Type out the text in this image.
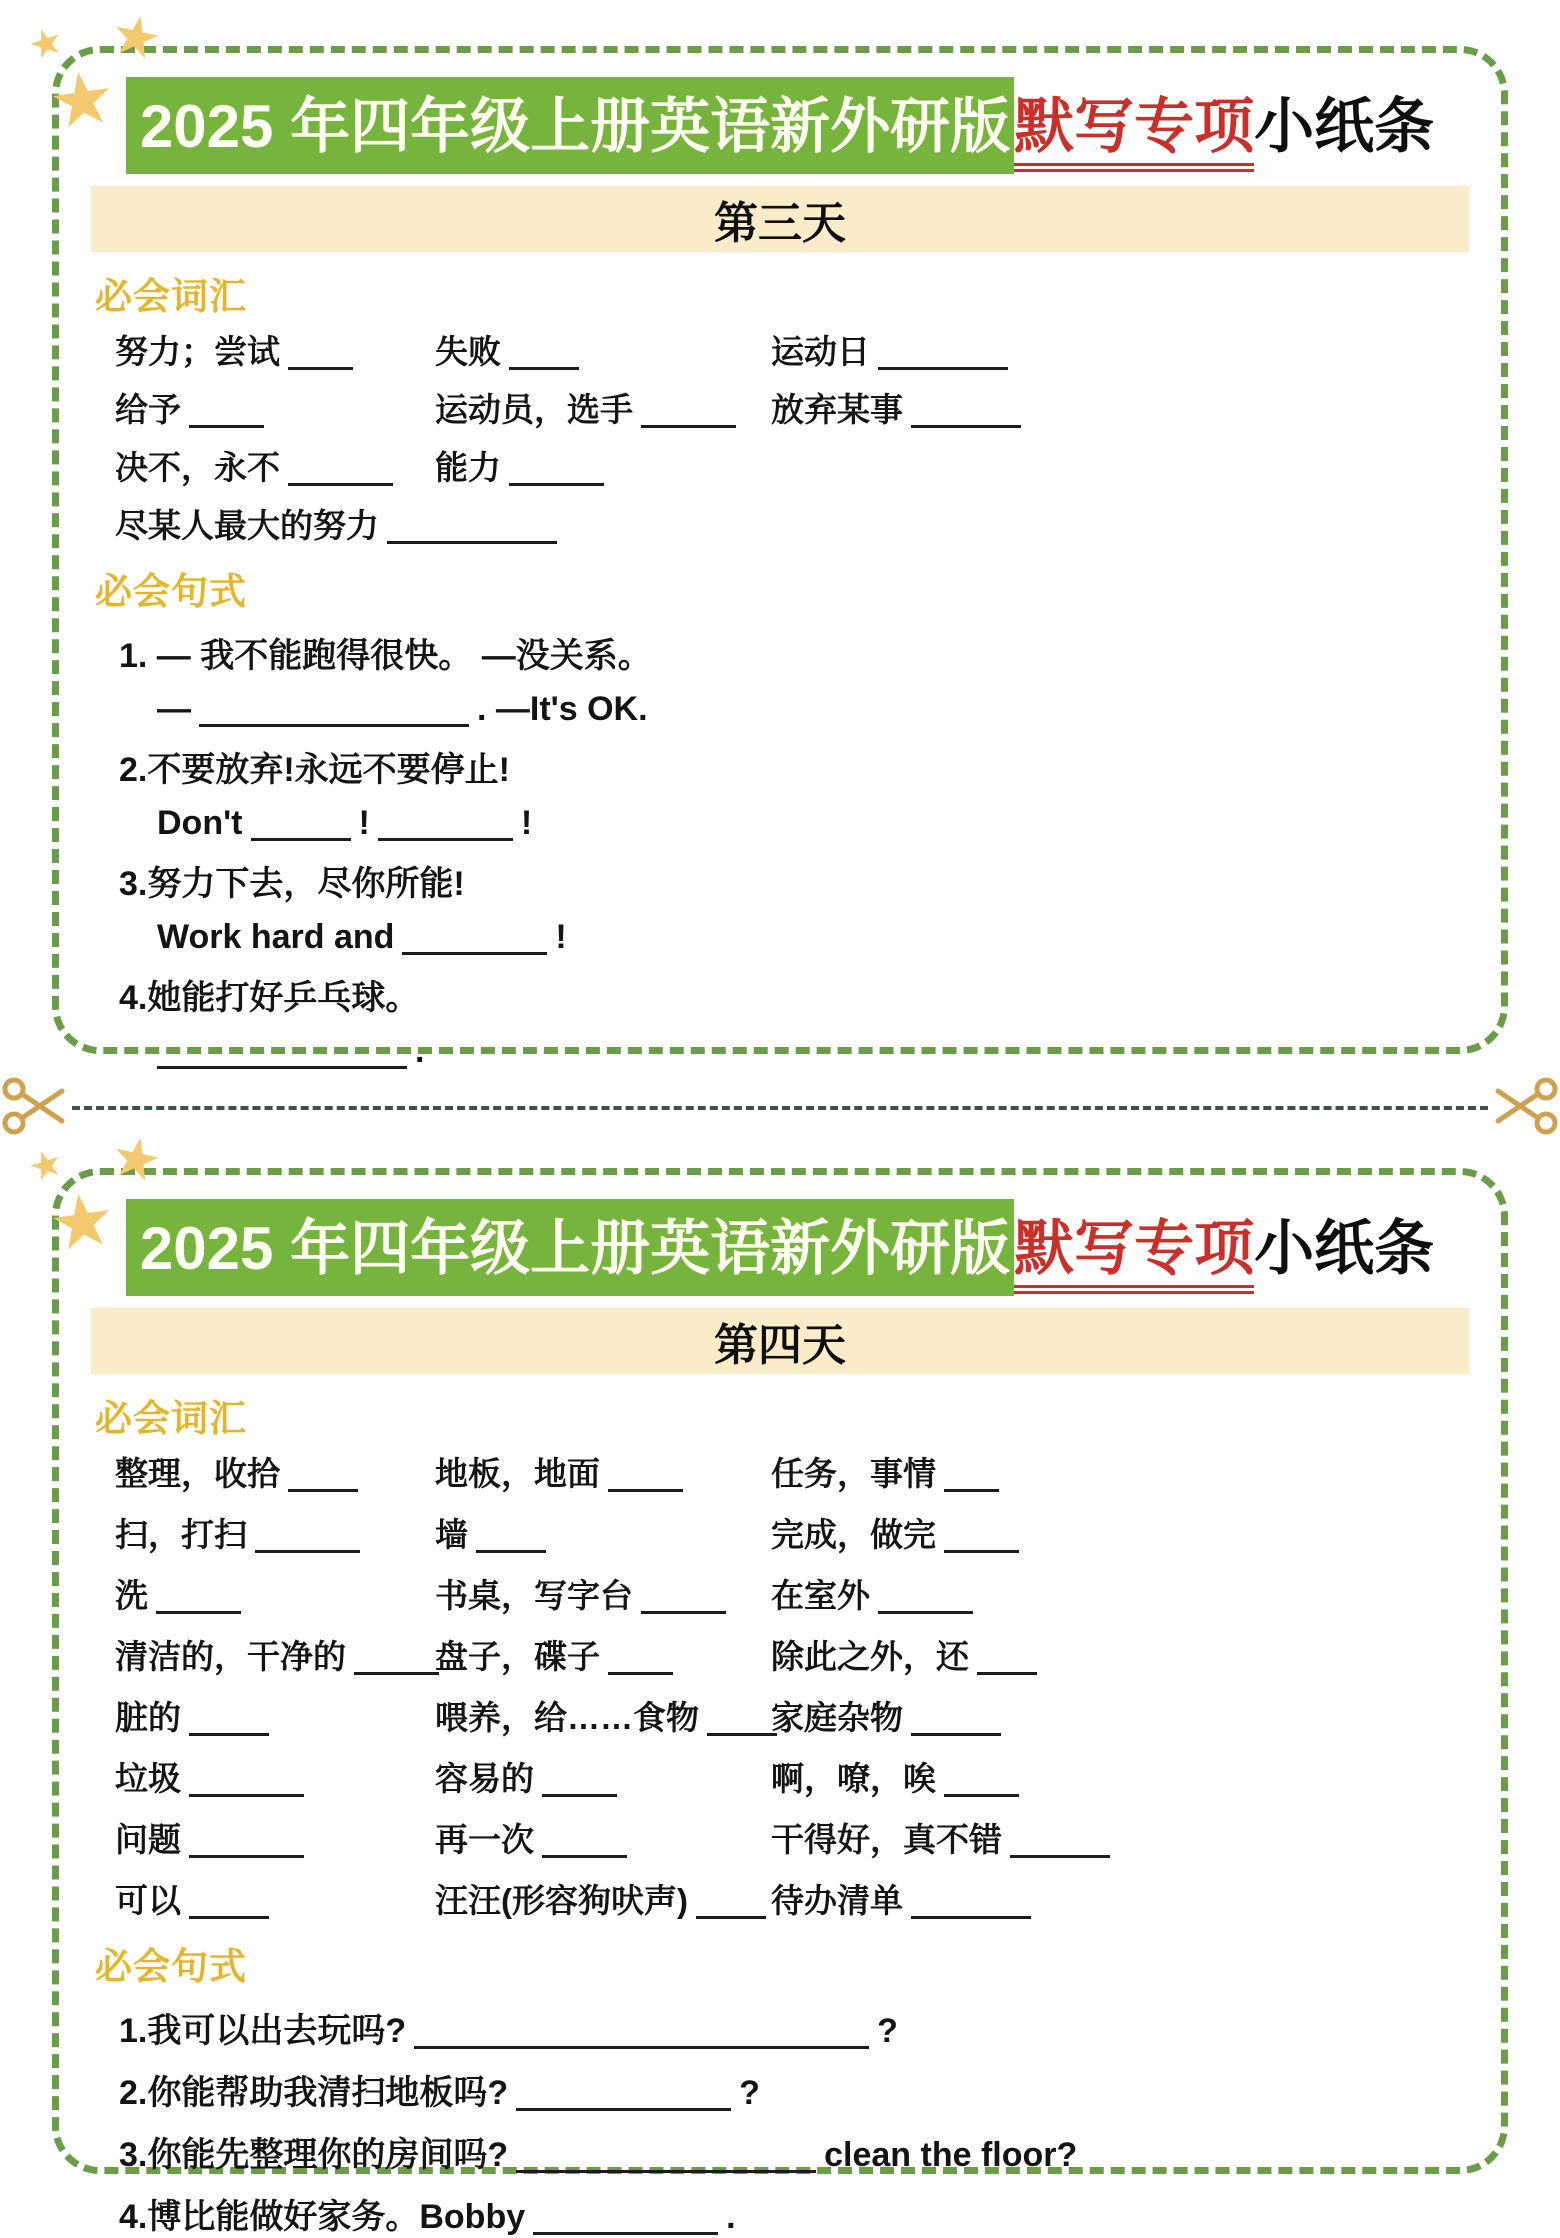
★ ★
★ 2025 年四年级上册英语新外研版默写专项小纸条
第三天
必会词汇
努力；尝试	失败	运动日
给予	运动员，选手	放弃某事
决不，永不	能力
尽某人最大的努力
必会句式
1. — 我不能跑得很快。 —没关系。
—	. —It's OK.
2.不要放弃!永远不要停止!
Don't	!	!
3.努力下去，尽你所能!
Work hard and	!
4.她能打好乒乓球。
.
★ ★
★ 2025 年四年级上册英语新外研版默写专项小纸条
第四天
必会词汇
整理，收拾	地板，地面	任务，事情
扫，打扫	墙	完成，做完
洗	书桌，写字台	在室外
清洁的，干净的	盘子，碟子	除此之外，还
脏的	喂养，给……食物	家庭杂物
垃圾	容易的	啊，嘹，唉
问题	再一次	干得好，真不错
可以	汪汪(形容狗吠声)	待办清单
必会句式
1.我可以出去玩吗?	?
2.你能帮助我清扫地板吗?	?
3.你能先整理你的房间吗?	clean the floor?
4.博比能做好家务。Bobby	.
